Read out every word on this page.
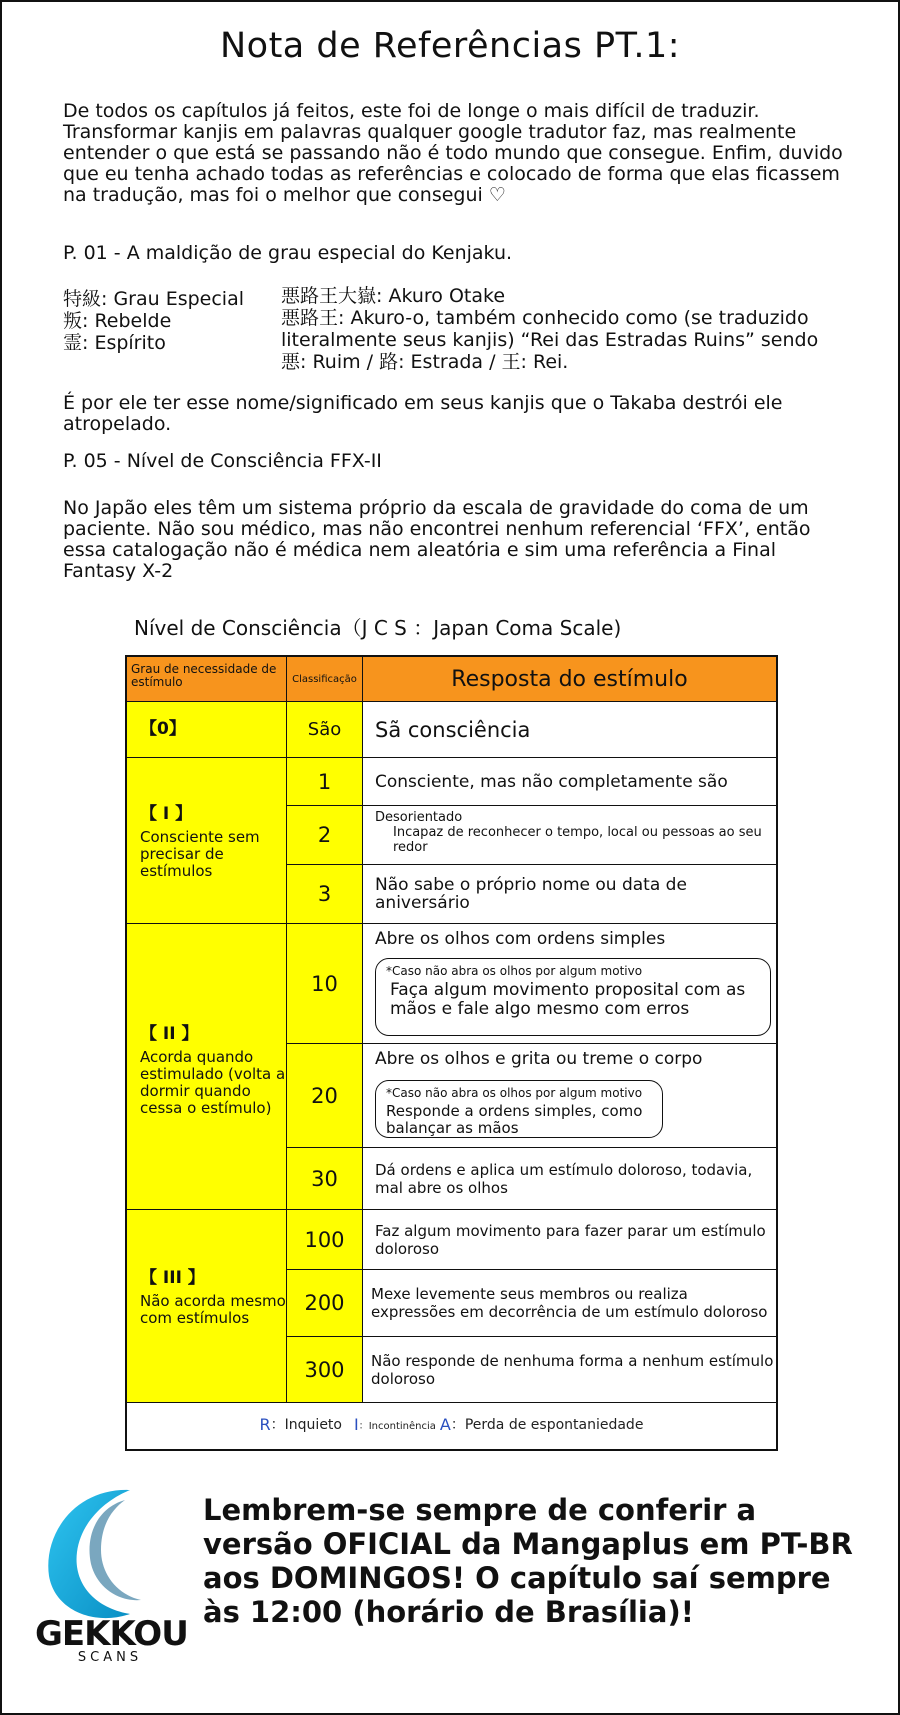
Nota de Referências PT.1:

De todos os capítulos já feitos, este foi de longe o mais difícil de traduzir. Transformar kanjis em palavras qualquer google tradutor faz, mas realmente entender o que está se passando não é todo mundo que consegue. Enfim, duvido que eu tenha achado todas as referências e colocado de forma que elas ficassem na tradução, mas foi o melhor que consegui ♡

P. 01 - A maldição de grau especial do Kenjaku.

特級: Grau Especial
叛: Rebelde
霊: Espírito
悪路王大嶽: Akuro Otake
悪路王: Akuro-o, também conhecido como (se traduzido literalmente seus kanjis) “Rei das Estradas Ruins” sendo
悪: Ruim / 路: Estrada / 王: Rei.

É por ele ter esse nome/significado em seus kanjis que o Takaba destrói ele atropelado.

P. 05 - Nível de Consciência FFX-II

No Japão eles têm um sistema próprio da escala de gravidade do coma de um paciente. Não sou médico, mas não encontrei nenhum referencial ‘FFX’, então essa catalogação não é médica nem aleatória e sim uma referência a Final Fantasy X-2

Nível de Consciência（J C S ：Japan Coma Scale)
Grau de necessidade de estímulo	Classificação	Resposta do estímulo
【0】
【 I 】
Consciente sem precisar de estímulos
【 II 】
Acorda quando estimulado (volta a dormir quando cessa o estímulo)
【 III 】
Não acorda mesmo com estímulos
São
1
2
3
10
20
30
100
200
300
Sã consciência
Consciente, mas não completamente são
Desorientado
Incapaz de reconhecer o tempo, local ou pessoas ao seu redor
Não sabe o próprio nome ou data de aniversário
Abre os olhos com ordens simples
*Caso não abra os olhos por algum motivo
Faça algum movimento proposital com as mãos e fale algo mesmo com erros
Abre os olhos e grita ou treme o corpo
*Caso não abra os olhos por algum motivo
Responde a ordens simples, como balançar as mãos
Dá ordens e aplica um estímulo doloroso, todavia, mal abre os olhos
Faz algum movimento para fazer parar um estímulo doloroso
Mexe levemente seus membros ou realiza expressões em decorrência de um estímulo doloroso
Não responde de nenhuma forma a nenhum estímulo doloroso
R ：Inquieto I ：Incontinência A ：Perda de espontaniedade
GEKKOU
SCANS

Lembrem-se sempre de conferir a versão OFICIAL da Mangaplus em PT-BR aos DOMINGOS! O capítulo saí sempre às 12:00 (horário de Brasília)!
